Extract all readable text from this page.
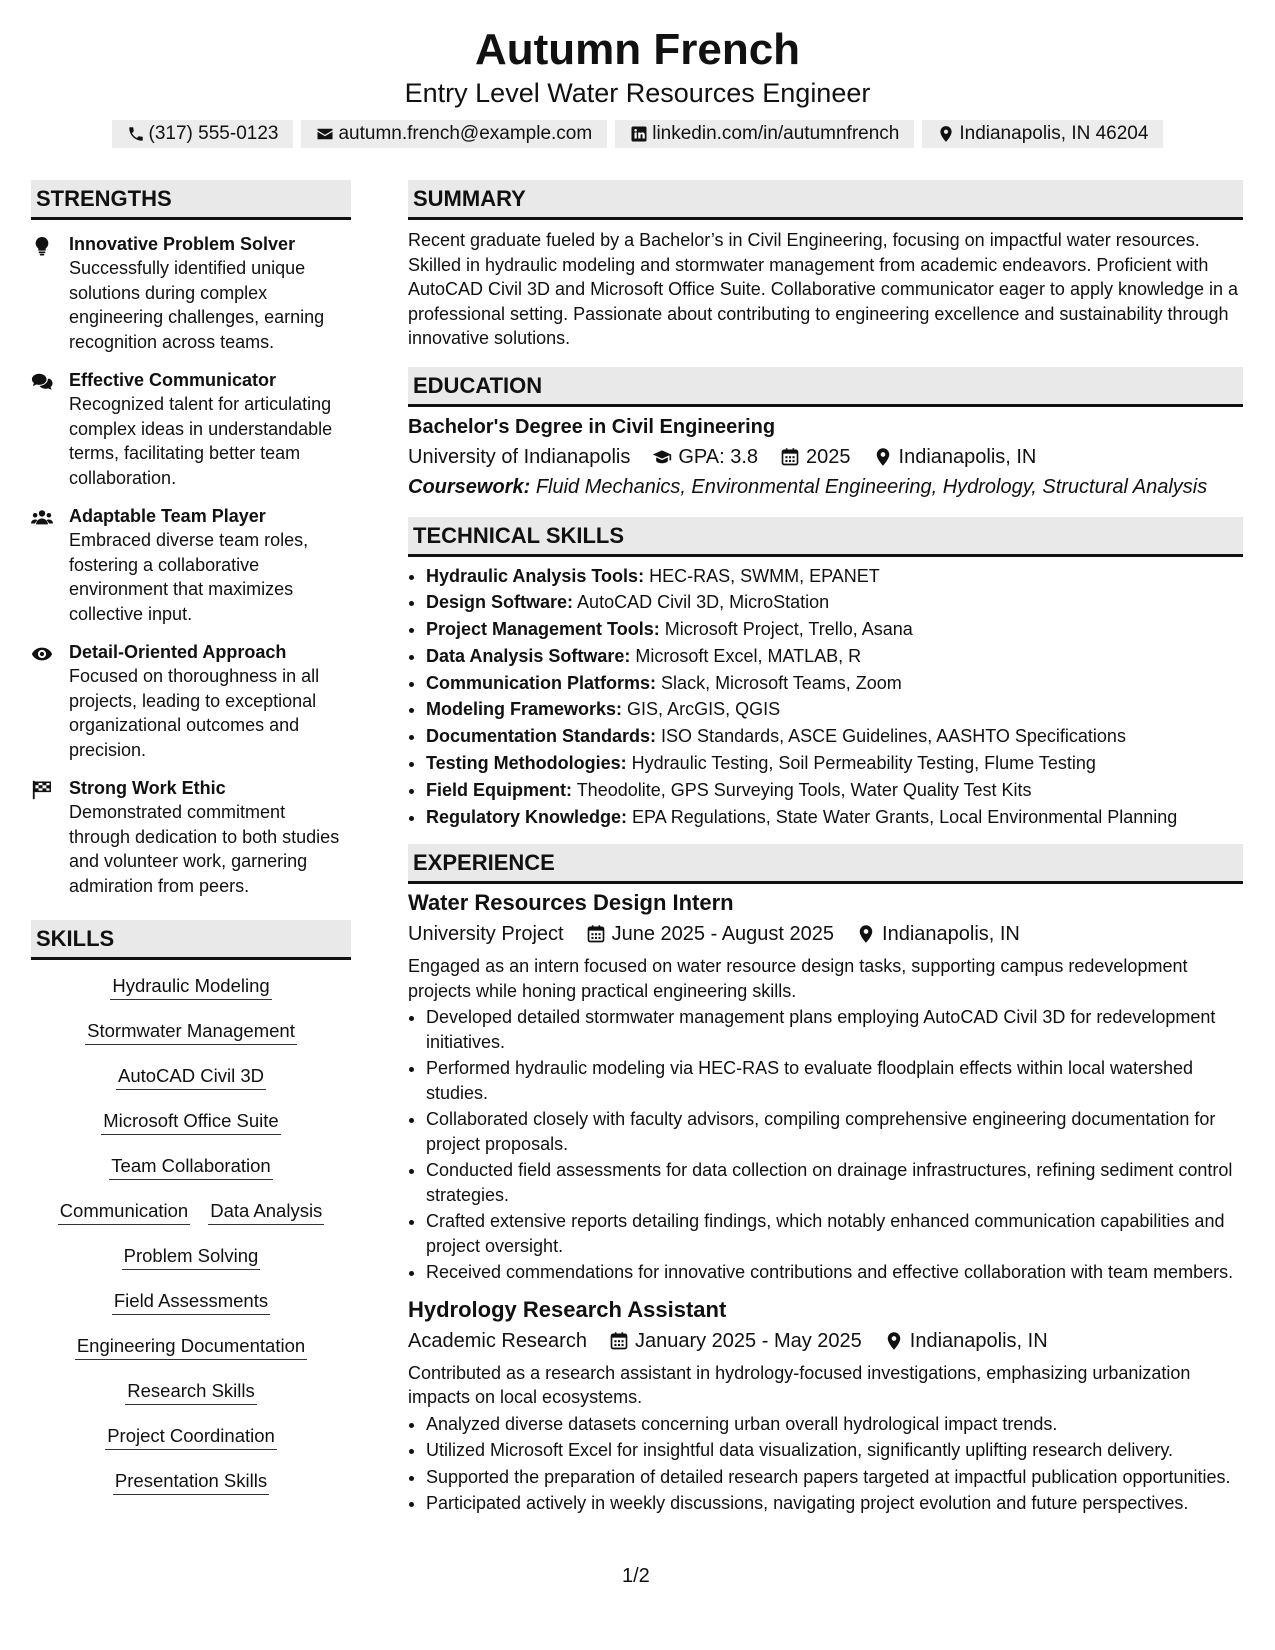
Autumn French
Entry Level Water Resources Engineer
(317) 555-0123	autumn.french@example.com	linkedin.com/in/autumnfrench	Indianapolis, IN 46204
STRENGTHS
Innovative Problem Solver
Successfully identified unique solutions during complex engineering challenges, earning recognition across teams.
Effective Communicator
Recognized talent for articulating complex ideas in understandable terms, facilitating better team collaboration.
Adaptable Team Player
Embraced diverse team roles, fostering a collaborative environment that maximizes collective input.
Detail-Oriented Approach
Focused on thoroughness in all projects, leading to exceptional organizational outcomes and precision.
Strong Work Ethic
Demonstrated commitment through dedication to both studies and volunteer work, garnering admiration from peers.
SKILLS
Hydraulic Modeling
Stormwater Management
AutoCAD Civil 3D
Microsoft Office Suite
Team Collaboration
Communication Data Analysis
Problem Solving
Field Assessments
Engineering Documentation
Research Skills
Project Coordination
Presentation Skills
SUMMARY
Recent graduate fueled by a Bachelor’s in Civil Engineering, focusing on impactful water resources. Skilled in hydraulic modeling and stormwater management from academic endeavors. Proficient with AutoCAD Civil 3D and Microsoft Office Suite. Collaborative communicator eager to apply knowledge in a professional setting. Passionate about contributing to engineering excellence and sustainability through innovative solutions.
EDUCATION
Bachelor's Degree in Civil Engineering
University of Indianapolis GPA: 3.8 2025 Indianapolis, IN
Coursework: Fluid Mechanics, Environmental Engineering, Hydrology, Structural Analysis
TECHNICAL SKILLS
• Hydraulic Analysis Tools: HEC-RAS, SWMM, EPANET
• Design Software: AutoCAD Civil 3D, MicroStation
• Project Management Tools: Microsoft Project, Trello, Asana
• Data Analysis Software: Microsoft Excel, MATLAB, R
• Communication Platforms: Slack, Microsoft Teams, Zoom
• Modeling Frameworks: GIS, ArcGIS, QGIS
• Documentation Standards: ISO Standards, ASCE Guidelines, AASHTO Specifications
• Testing Methodologies: Hydraulic Testing, Soil Permeability Testing, Flume Testing
• Field Equipment: Theodolite, GPS Surveying Tools, Water Quality Test Kits
• Regulatory Knowledge: EPA Regulations, State Water Grants, Local Environmental Planning
EXPERIENCE
Water Resources Design Intern
University Project June 2025 - August 2025 Indianapolis, IN
Engaged as an intern focused on water resource design tasks, supporting campus redevelopment projects while honing practical engineering skills.
• Developed detailed stormwater management plans employing AutoCAD Civil 3D for redevelopment initiatives.
• Performed hydraulic modeling via HEC-RAS to evaluate floodplain effects within local watershed studies.
• Collaborated closely with faculty advisors, compiling comprehensive engineering documentation for project proposals.
• Conducted field assessments for data collection on drainage infrastructures, refining sediment control strategies.
• Crafted extensive reports detailing findings, which notably enhanced communication capabilities and project oversight.
• Received commendations for innovative contributions and effective collaboration with team members.
Hydrology Research Assistant
Academic Research January 2025 - May 2025 Indianapolis, IN
Contributed as a research assistant in hydrology-focused investigations, emphasizing urbanization impacts on local ecosystems.
• Analyzed diverse datasets concerning urban overall hydrological impact trends.
• Utilized Microsoft Excel for insightful data visualization, significantly uplifting research delivery.
• Supported the preparation of detailed research papers targeted at impactful publication opportunities.
• Participated actively in weekly discussions, navigating project evolution and future perspectives.
1/2
